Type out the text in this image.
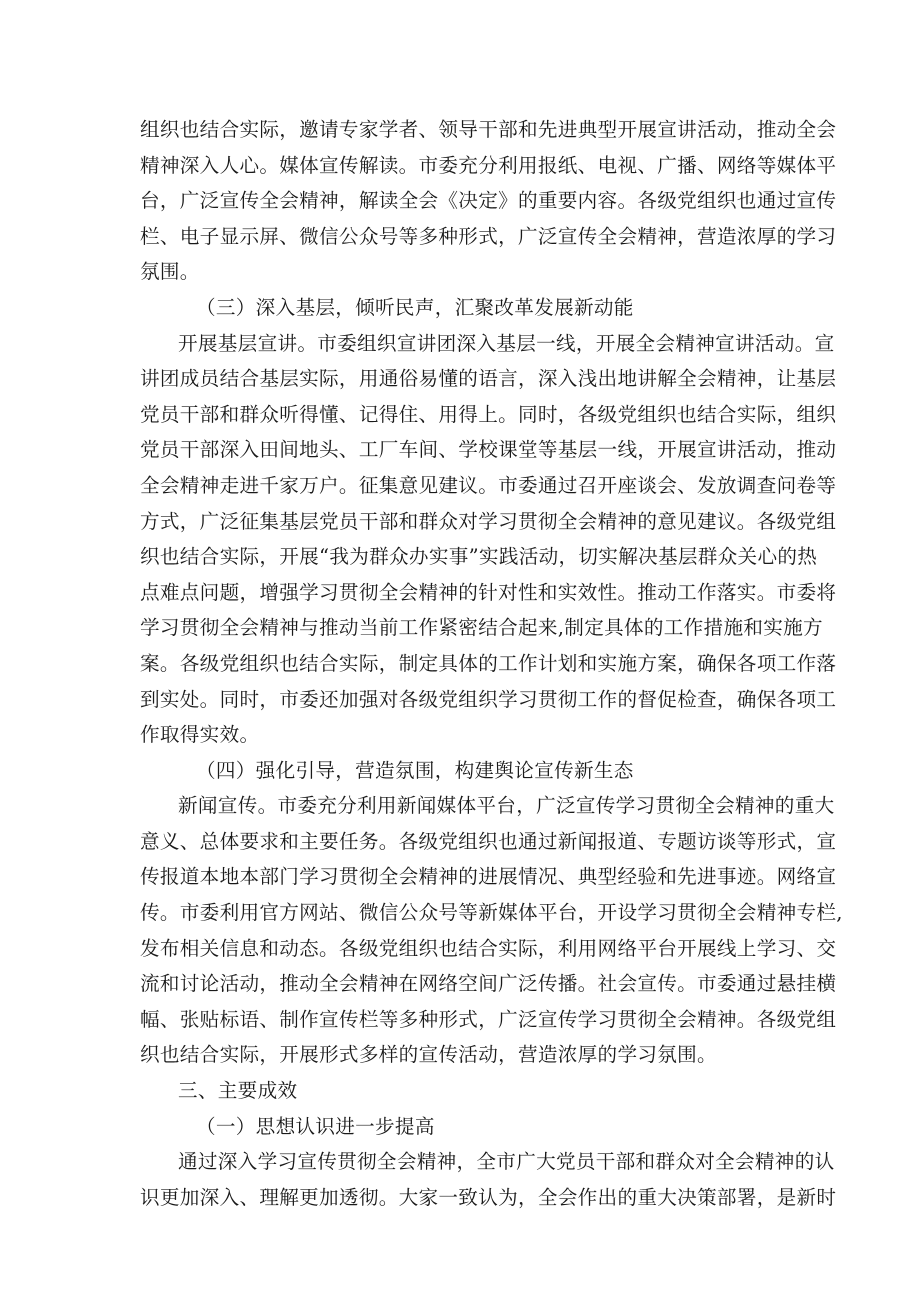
组织也结合实际，邀请专家学者、领导干部和先进典型开展宣讲活动，推动全会
精神深入人心。媒体宣传解读。市委充分利用报纸、电视、广播、网络等媒体平
台，广泛宣传全会精神，解读全会《决定》的重要内容。各级党组织也通过宣传
栏、电子显示屏、微信公众号等多种形式，广泛宣传全会精神，营造浓厚的学习
氛围。
（三）深入基层，倾听民声，汇聚改革发展新动能
开展基层宣讲。市委组织宣讲团深入基层一线，开展全会精神宣讲活动。宣
讲团成员结合基层实际，用通俗易懂的语言，深入浅出地讲解全会精神，让基层
党员干部和群众听得懂、记得住、用得上。同时，各级党组织也结合实际，组织
党员干部深入田间地头、工厂车间、学校课堂等基层一线，开展宣讲活动，推动
全会精神走进千家万户。征集意见建议。市委通过召开座谈会、发放调查问卷等
方式，广泛征集基层党员干部和群众对学习贯彻全会精神的意见建议。各级党组
织也结合实际，开展“我为群众办实事”实践活动，切实解决基层群众关心的热
点难点问题，增强学习贯彻全会精神的针对性和实效性。推动工作落实。市委将
学习贯彻全会精神与推动当前工作紧密结合起来,制定具体的工作措施和实施方
案。各级党组织也结合实际，制定具体的工作计划和实施方案，确保各项工作落
到实处。同时，市委还加强对各级党组织学习贯彻工作的督促检查，确保各项工
作取得实效。
（四）强化引导，营造氛围，构建舆论宣传新生态
新闻宣传。市委充分利用新闻媒体平台，广泛宣传学习贯彻全会精神的重大
意义、总体要求和主要任务。各级党组织也通过新闻报道、专题访谈等形式，宣
传报道本地本部门学习贯彻全会精神的进展情况、典型经验和先进事迹。网络宣
传。市委利用官方网站、微信公众号等新媒体平台，开设学习贯彻全会精神专栏,
发布相关信息和动态。各级党组织也结合实际，利用网络平台开展线上学习、交
流和讨论活动，推动全会精神在网络空间广泛传播。社会宣传。市委通过悬挂横
幅、张贴标语、制作宣传栏等多种形式，广泛宣传学习贯彻全会精神。各级党组
织也结合实际，开展形式多样的宣传活动，营造浓厚的学习氛围。
三、主要成效
（一）思想认识进一步提高
通过深入学习宣传贯彻全会精神，全市广大党员干部和群众对全会精神的认
识更加深入、理解更加透彻。大家一致认为，全会作出的重大决策部署，是新时
